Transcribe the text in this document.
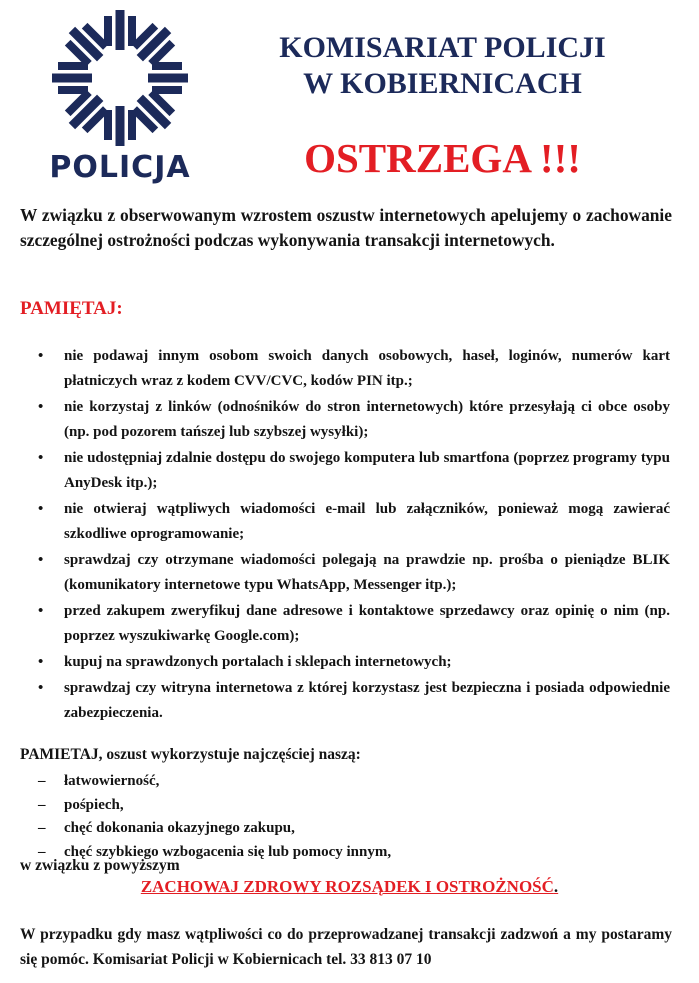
POLICJA
KOMISARIAT POLICJI
W KOBIERNICACH
OSTRZEGA !!!
W związku z obserwowanym wzrostem oszustw internetowych apelujemy o zachowanie szczególnej ostrożności podczas wykonywania transakcji internetowych.
PAMIĘTAJ:
• nie podawaj innym osobom swoich danych osobowych, haseł, loginów, numerów kart płatniczych wraz z kodem CVV/CVC, kodów PIN itp.;
• nie korzystaj z linków (odnośników do stron internetowych) które przesyłają ci obce osoby (np. pod pozorem tańszej lub szybszej wysyłki);
• nie udostępniaj zdalnie dostępu do swojego komputera lub smartfona (poprzez programy typu AnyDesk itp.);
• nie otwieraj wątpliwych wiadomości e-mail lub załączników, ponieważ mogą zawierać szkodliwe oprogramowanie;
• sprawdzaj czy otrzymane wiadomości polegają na prawdzie np. prośba o pieniądze BLIK (komunikatory internetowe typu WhatsApp, Messenger itp.);
• przed zakupem zweryfikuj dane adresowe i kontaktowe sprzedawcy oraz opinię o nim (np. poprzez wyszukiwarkę Google.com);
• kupuj na sprawdzonych portalach i sklepach internetowych;
• sprawdzaj czy witryna internetowa z której korzystasz jest bezpieczna i posiada odpowiednie zabezpieczenia.
PAMIETAJ, oszust wykorzystuje najczęściej naszą:
– łatwowierność,
– pośpiech,
– chęć dokonania okazyjnego zakupu,
– chęć szybkiego wzbogacenia się lub pomocy innym,
w związku z powyższym
ZACHOWAJ ZDROWY ROZSĄDEK I OSTROŻNOŚĆ.
W przypadku gdy masz wątpliwości co do przeprowadzanej transakcji zadzwoń a my postaramy się pomóc. Komisariat Policji w Kobiernicach tel. 33 813 07 10
